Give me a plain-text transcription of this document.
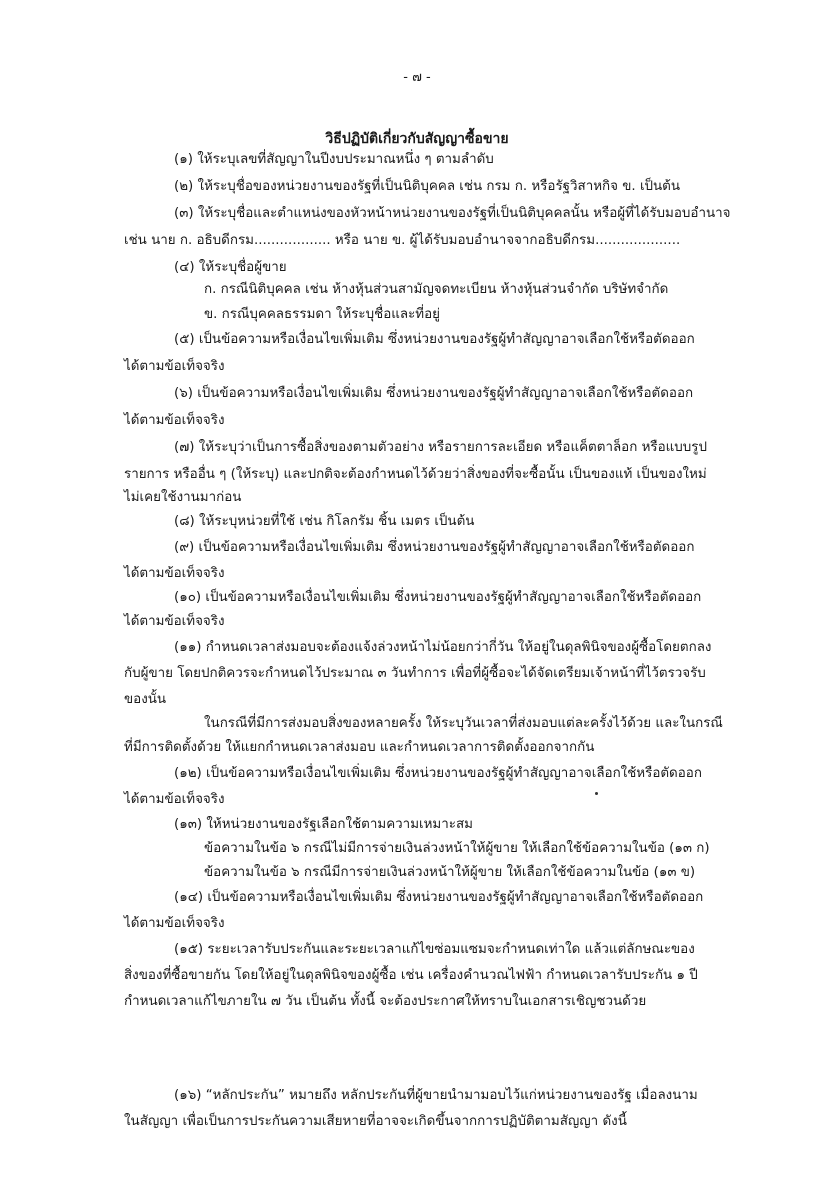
- ๗ -
วิธีปฏิบัติเกี่ยวกับสัญญาซื้อขาย
(๑) ให้ระบุเลขที่สัญญาในปีงบประมาณหนึ่ง ๆ ตามลำดับ
(๒) ให้ระบุชื่อของหน่วยงานของรัฐที่เป็นนิติบุคคล เช่น กรม ก. หรือรัฐวิสาหกิจ ข. เป็นต้น
(๓) ให้ระบุชื่อและตำแหน่งของหัวหน้าหน่วยงานของรัฐที่เป็นนิติบุคคลนั้น หรือผู้ที่ได้รับมอบอำนาจ
เช่น นาย ก. อธิบดีกรม.................. หรือ นาย ข. ผู้ได้รับมอบอำนาจจากอธิบดีกรม....................
(๔) ให้ระบุชื่อผู้ขาย
ก. กรณีนิติบุคคล เช่น ห้างหุ้นส่วนสามัญจดทะเบียน ห้างหุ้นส่วนจำกัด บริษัทจำกัด
ข. กรณีบุคคลธรรมดา ให้ระบุชื่อและที่อยู่
(๕) เป็นข้อความหรือเงื่อนไขเพิ่มเติม ซึ่งหน่วยงานของรัฐผู้ทำสัญญาอาจเลือกใช้หรือตัดออก
ได้ตามข้อเท็จจริง
(๖) เป็นข้อความหรือเงื่อนไขเพิ่มเติม ซึ่งหน่วยงานของรัฐผู้ทำสัญญาอาจเลือกใช้หรือตัดออก
ได้ตามข้อเท็จจริง
(๗) ให้ระบุว่าเป็นการซื้อสิ่งของตามตัวอย่าง หรือรายการละเอียด หรือแค็ตตาล็อก หรือแบบรูป
รายการ หรืออื่น ๆ (ให้ระบุ) และปกติจะต้องกำหนดไว้ด้วยว่าสิ่งของที่จะซื้อนั้น เป็นของแท้ เป็นของใหม่
ไม่เคยใช้งานมาก่อน
(๘) ให้ระบุหน่วยที่ใช้ เช่น กิโลกรัม ชิ้น เมตร เป็นต้น
(๙) เป็นข้อความหรือเงื่อนไขเพิ่มเติม ซึ่งหน่วยงานของรัฐผู้ทำสัญญาอาจเลือกใช้หรือตัดออก
ได้ตามข้อเท็จจริง
(๑๐) เป็นข้อความหรือเงื่อนไขเพิ่มเติม ซึ่งหน่วยงานของรัฐผู้ทำสัญญาอาจเลือกใช้หรือตัดออก
ได้ตามข้อเท็จจริง
(๑๑) กำหนดเวลาส่งมอบจะต้องแจ้งล่วงหน้าไม่น้อยกว่ากี่วัน ให้อยู่ในดุลพินิจของผู้ซื้อโดยตกลง
กับผู้ขาย โดยปกติควรจะกำหนดไว้ประมาณ ๓ วันทำการ เพื่อที่ผู้ซื้อจะได้จัดเตรียมเจ้าหน้าที่ไว้ตรวจรับ
ของนั้น
ในกรณีที่มีการส่งมอบสิ่งของหลายครั้ง ให้ระบุวันเวลาที่ส่งมอบแต่ละครั้งไว้ด้วย และในกรณี
ที่มีการติดตั้งด้วย ให้แยกกำหนดเวลาส่งมอบ และกำหนดเวลาการติดตั้งออกจากกัน
(๑๒) เป็นข้อความหรือเงื่อนไขเพิ่มเติม ซึ่งหน่วยงานของรัฐผู้ทำสัญญาอาจเลือกใช้หรือตัดออก
ได้ตามข้อเท็จจริง
(๑๓) ให้หน่วยงานของรัฐเลือกใช้ตามความเหมาะสม
ข้อความในข้อ ๖ กรณีไม่มีการจ่ายเงินล่วงหน้าให้ผู้ขาย ให้เลือกใช้ข้อความในข้อ (๑๓ ก)
ข้อความในข้อ ๖ กรณีมีการจ่ายเงินล่วงหน้าให้ผู้ขาย ให้เลือกใช้ข้อความในข้อ (๑๓ ข)
(๑๔) เป็นข้อความหรือเงื่อนไขเพิ่มเติม ซึ่งหน่วยงานของรัฐผู้ทำสัญญาอาจเลือกใช้หรือตัดออก
ได้ตามข้อเท็จจริง
(๑๕) ระยะเวลารับประกันและระยะเวลาแก้ไขซ่อมแซมจะกำหนดเท่าใด แล้วแต่ลักษณะของ
สิ่งของที่ซื้อขายกัน โดยให้อยู่ในดุลพินิจของผู้ซื้อ เช่น เครื่องคำนวณไฟฟ้า กำหนดเวลารับประกัน ๑ ปี
กำหนดเวลาแก้ไขภายใน ๗ วัน เป็นต้น ทั้งนี้ จะต้องประกาศให้ทราบในเอกสารเชิญชวนด้วย
(๑๖) “หลักประกัน” หมายถึง หลักประกันที่ผู้ขายนำมามอบไว้แก่หน่วยงานของรัฐ เมื่อลงนาม
ในสัญญา เพื่อเป็นการประกันความเสียหายที่อาจจะเกิดขึ้นจากการปฏิบัติตามสัญญา ดังนี้
